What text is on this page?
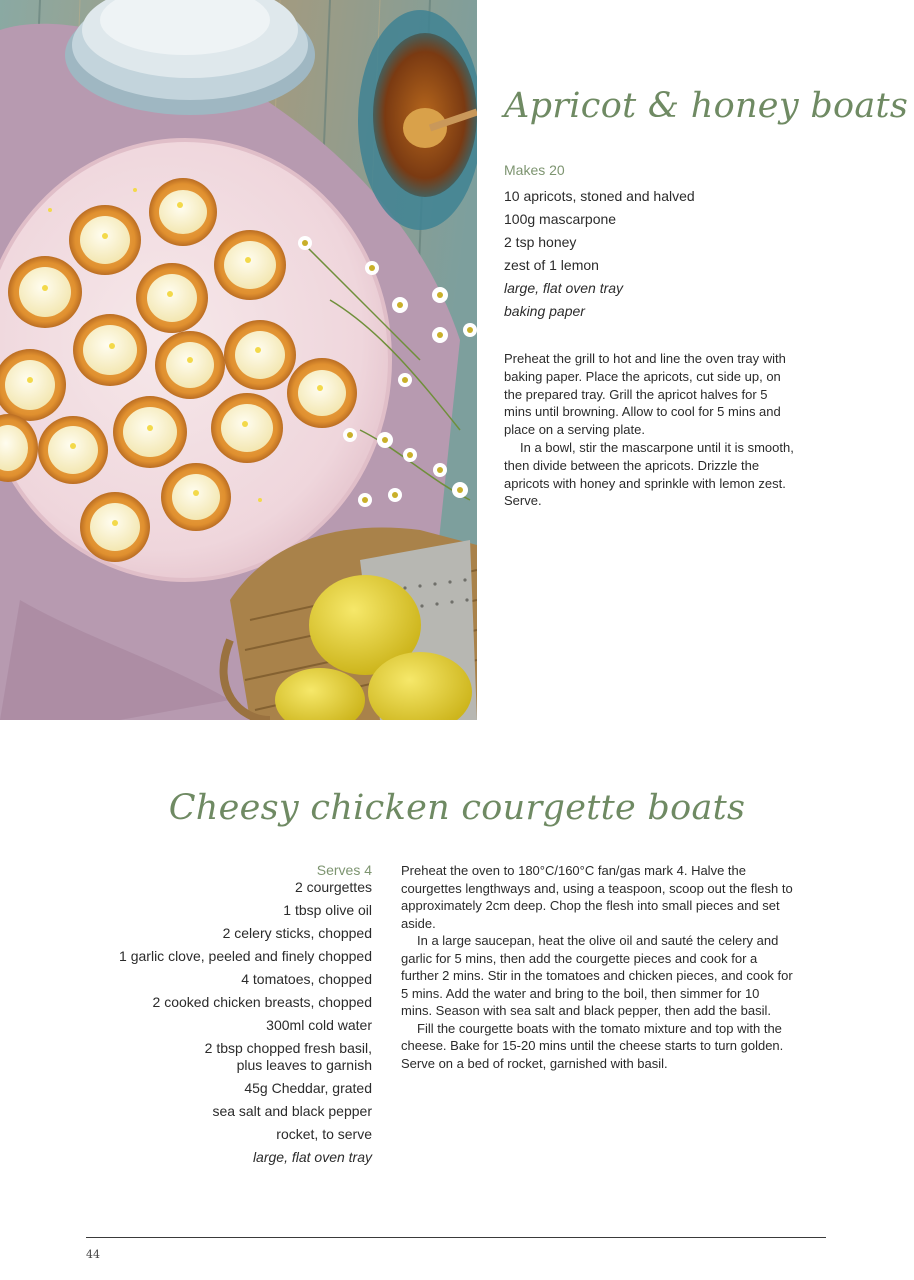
Apricot & honey boats
Makes 20
10 apricots, stoned and halved
100g mascarpone
2 tsp honey
zest of 1 lemon
large, flat oven tray
baking paper

Preheat the grill to hot and line the oven tray with baking paper. Place the apricots, cut side up, on the prepared tray. Grill the apricot halves for 5 mins until browning. Allow to cool for 5 mins and place on a serving plate.

In a bowl, stir the mascarpone until it is smooth, then divide between the apricots. Drizzle the apricots with honey and sprinkle with lemon zest. Serve.

Cheesy chicken courgette boats
Serves 4
2 courgettes
1 tbsp olive oil
2 celery sticks, chopped
1 garlic clove, peeled and finely chopped
4 tomatoes, chopped
2 cooked chicken breasts, chopped
300ml cold water
2 tbsp chopped fresh basil,
plus leaves to garnish
45g Cheddar, grated
sea salt and black pepper
rocket, to serve
large, flat oven tray

Preheat the oven to 180°C/160°C fan/gas mark 4. Halve the courgettes lengthways and, using a teaspoon, scoop out the flesh to approximately 2cm deep. Chop the flesh into small pieces and set aside.

In a large saucepan, heat the olive oil and sauté the celery and garlic for 5 mins, then add the courgette pieces and cook for a further 2 mins. Stir in the tomatoes and chicken pieces, and cook for 5 mins. Add the water and bring to the boil, then simmer for 10 mins. Season with sea salt and black pepper, then add the basil.

Fill the courgette boats with the tomato mixture and top with the cheese. Bake for 15-20 mins until the cheese starts to turn golden. Serve on a bed of rocket, garnished with basil.

44
